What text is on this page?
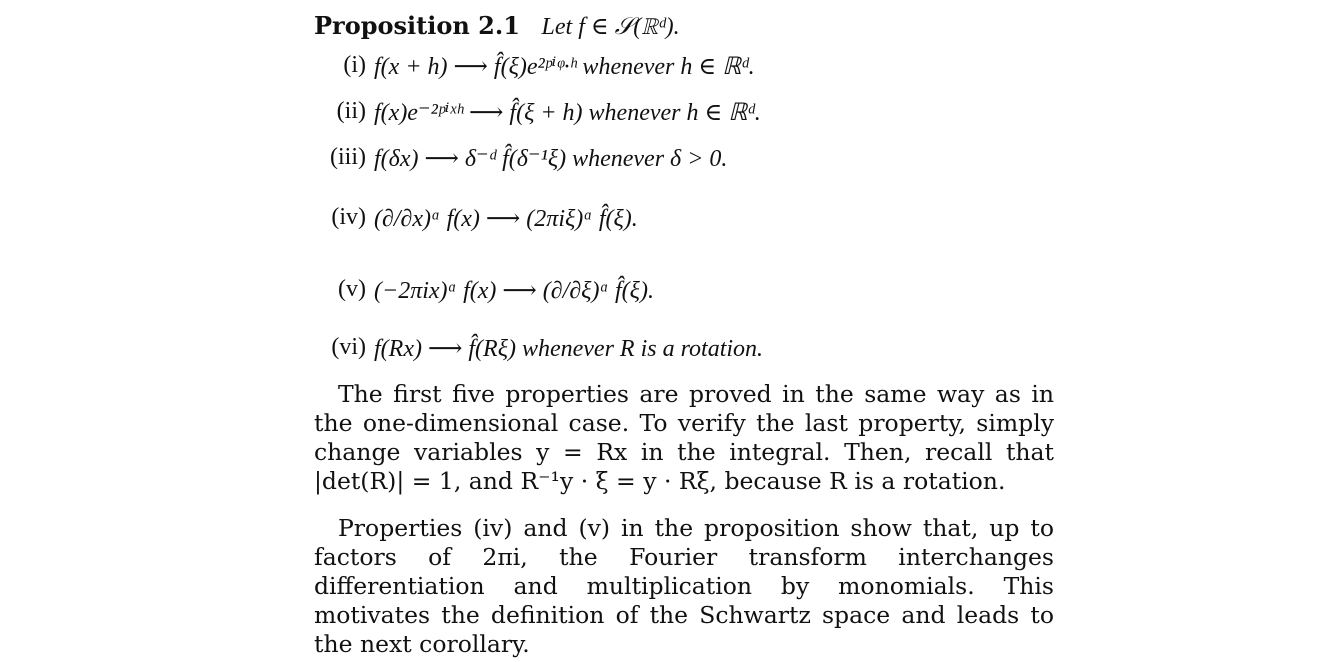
Proposition 2.1 Let f ∈ 𝒮(ℝᵈ).
(i) f(x + h) ⟶ f̂(ξ)e²ᵖⁱᵠ·ʰ whenever h ∈ ℝᵈ.
(ii) f(x)e⁻²ᵖⁱˣʰ ⟶ f̂(ξ + h) whenever h ∈ ℝᵈ.
(iii) f(δx) ⟶ δ⁻ᵈ f̂(δ⁻¹ξ) whenever δ > 0.
(iv) (∂/∂x)ᵅ f(x) ⟶ (2πiξ)ᵅ f̂(ξ).
(v) (−2πix)ᵅ f(x) ⟶ (∂/∂ξ)ᵅ f̂(ξ).
(vi) f(Rx) ⟶ f̂(Rξ) whenever R is a rotation.

The first five properties are proved in the same way as in the one-dimensional case. To verify the last property, simply change variables y = Rx in the integral. Then, recall that |det(R)| = 1, and R⁻¹y · ξ = y · Rξ, because R is a rotation.

Properties (iv) and (v) in the proposition show that, up to factors of 2πi, the Fourier transform interchanges differentiation and multiplication by monomials. This motivates the definition of the Schwartz space and leads to the next corollary.
